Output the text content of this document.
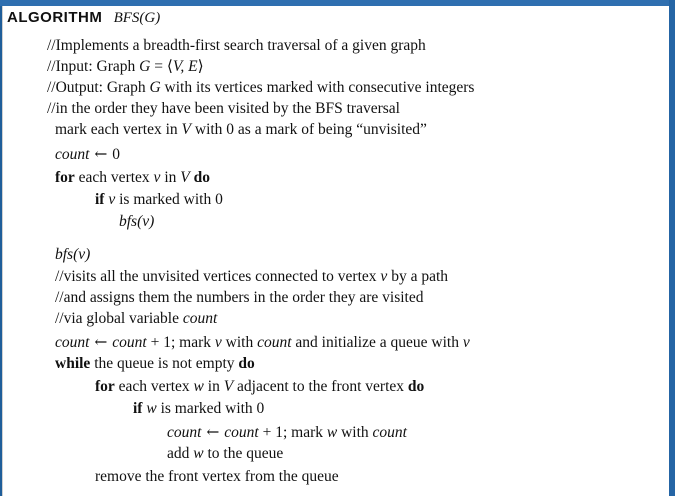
ALGORITHM BFS(G)
//Implements a breadth-first search traversal of a given graph
//Input: Graph G = ⟨V, E⟩
//Output: Graph G with its vertices marked with consecutive integers
//in the order they have been visited by the BFS traversal
mark each vertex in V with 0 as a mark of being “unvisited”
count ← 0
for each vertex v in V do
if v is marked with 0
bfs(v)
bfs(v)
//visits all the unvisited vertices connected to vertex v by a path
//and assigns them the numbers in the order they are visited
//via global variable count
count ← count + 1; mark v with count and initialize a queue with v
while the queue is not empty do
for each vertex w in V adjacent to the front vertex do
if w is marked with 0
count ← count + 1; mark w with count
add w to the queue
remove the front vertex from the queue
